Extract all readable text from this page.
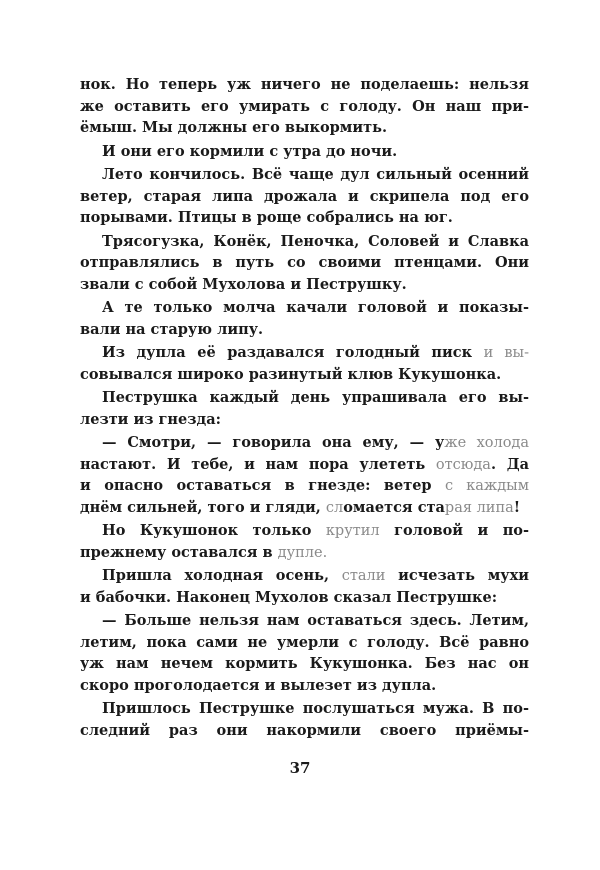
нок. Но теперь уж ничего не поделаешь: нельзя
же оставить его умирать с голоду. Он наш при-
ёмыш. Мы должны его выкормить.
И они его кормили с утра до ночи.
Лето кончилось. Всё чаще дул сильный осенний
ветер, старая липа дрожала и скрипела под его
порывами. Птицы в роще собрались на юг.
Трясогузка, Конёк, Пеночка, Соловей и Славка
отправлялись в путь со своими птенцами. Они
звали с собой Мухолова и Пеструшку.
А те только молча качали головой и показы-
вали на старую липу.
Из дупла её раздавался голодный писк и вы-
совывался широко разинутый клюв Кукушонка.
Пеструшка каждый день упрашивала его вы-
лезти из гнезда:
— Смотри, — говорила она ему, — уже холода
настают. И тебе, и нам пора улететь отсюда. Да
и опасно оставаться в гнезде: ветер с каждым
днём сильней, того и гляди, сломается старая липа!
Но Кукушонок только крутил головой и по-
прежнему оставался в дупле.
Пришла холодная осень, стали исчезать мухи
и бабочки. Наконец Мухолов сказал Пеструшке:
— Больше нельзя нам оставаться здесь. Летим,
летим, пока сами не умерли с голоду. Всё равно
уж нам нечем кормить Кукушонка. Без нас он
скоро проголодается и вылезет из дупла.
Пришлось Пеструшке послушаться мужа. В по-
следний раз они накормили своего приёмы-
37
